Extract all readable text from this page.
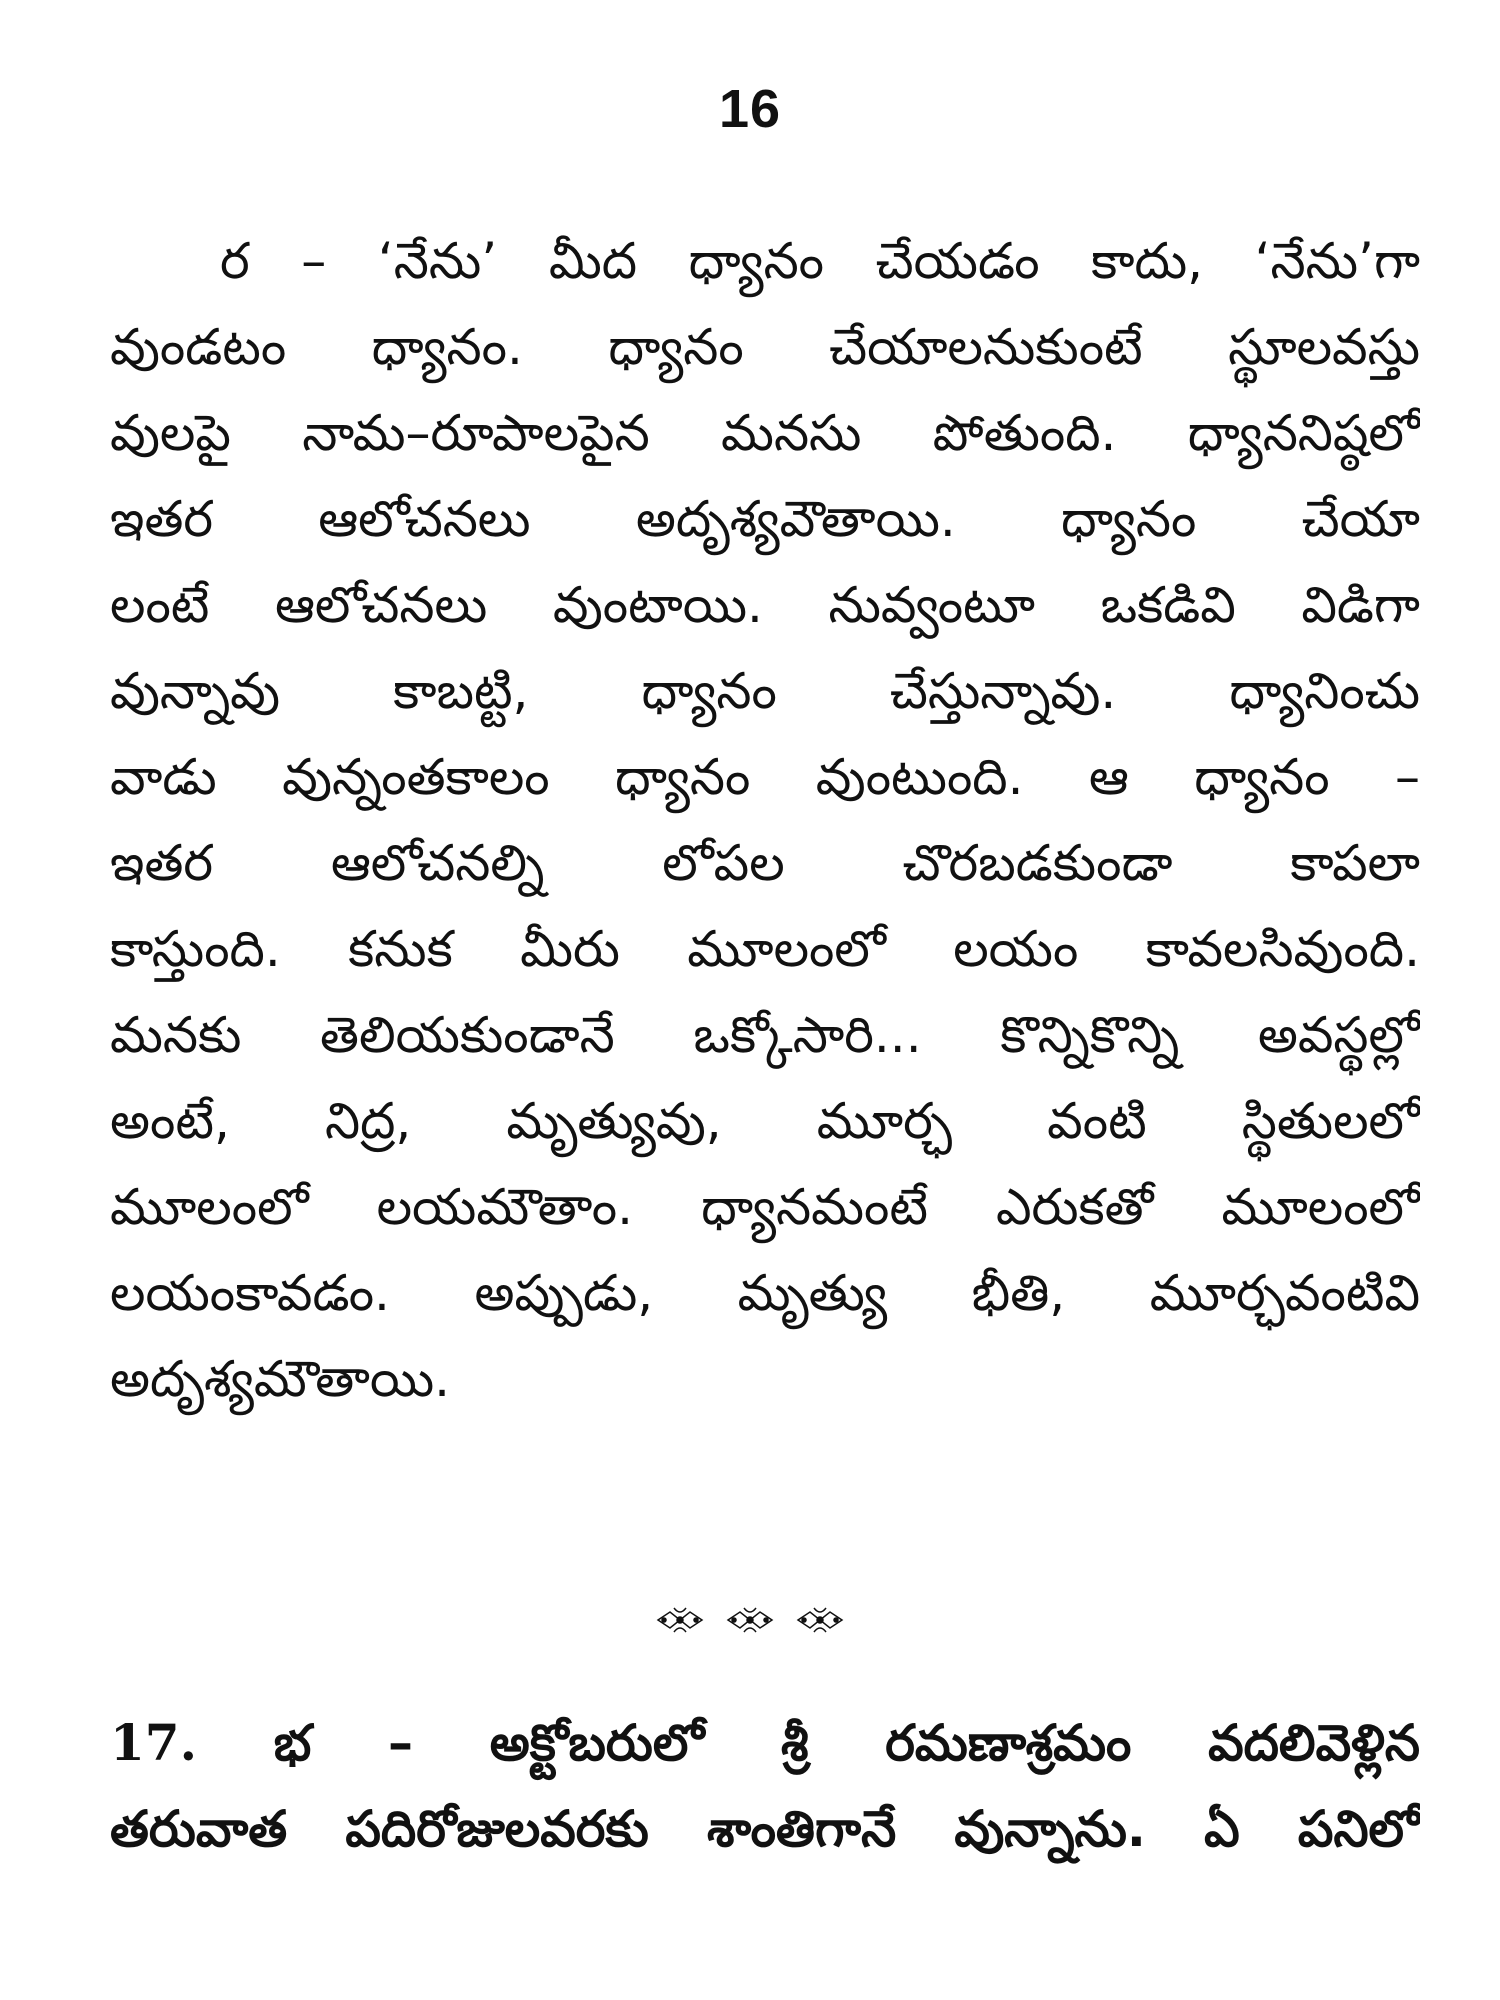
16
ర – ‘నేను’ మీద ధ్యానం చేయడం కాదు, ‘నేను’గా
వుండటం ధ్యానం. ధ్యానం చేయాలనుకుంటే స్థూలవస్తు
వులపై నామ–రూపాలపైన మనసు పోతుంది. ధ్యాననిష్ఠలో
ఇతర ఆలోచనలు అదృశ్యవౌతాయి. ధ్యానం చేయా
లంటే ఆలోచనలు వుంటాయి. నువ్వంటూ ఒకడివి విడిగా
వున్నావు కాబట్టి, ధ్యానం చేస్తున్నావు. ధ్యానించు
వాడు వున్నంతకాలం ధ్యానం వుంటుంది. ఆ ధ్యానం –
ఇతర ఆలోచనల్ని లోపల చొరబడకుండా కాపలా
కాస్తుంది. కనుక మీరు మూలంలో లయం కావలసివుంది.
మనకు తెలియకుండానే ఒక్కోసారి... కొన్నికొన్ని అవస్థల్లో
అంటే, నిద్ర, మృత్యువు, మూర్ఛ వంటి స్థితులలో
మూలంలో లయమౌతాం. ధ్యానమంటే ఎరుకతో మూలంలో
లయంకావడం. అప్పుడు, మృత్యు భీతి, మూర్ఛవంటివి
అదృశ్యమౌతాయి.
17. భ – అక్టోబరులో శ్రీ రమణాశ్రమం వదలివెళ్లిన
తరువాత పదిరోజులవరకు శాంతిగానే వున్నాను. ఏ పనిలో
